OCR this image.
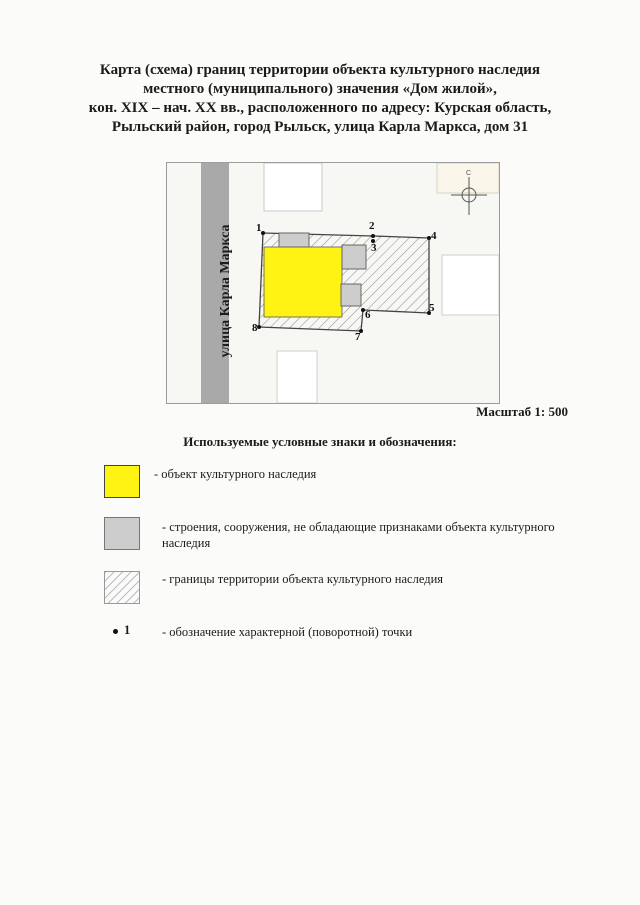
Карта (схема) границ территории объекта культурного наследия
местного (муниципального) значения «Дом жилой»,
кон. XIX – нач. XX вв., расположенного по адресу: Курская область,
Рыльский район, город Рыльск, улица Карла Маркса, дом 31
С
улица Карла Маркса 1	2
3
4
5
6
7
8
Масштаб 1: 500
Используемые условные знаки и обозначения:
- объект культурного наследия
- строения, сооружения, не обладающие признаками объекта культурного наследия
- границы территории объекта культурного наследия
1	- обозначение характерной (поворотной) точки
